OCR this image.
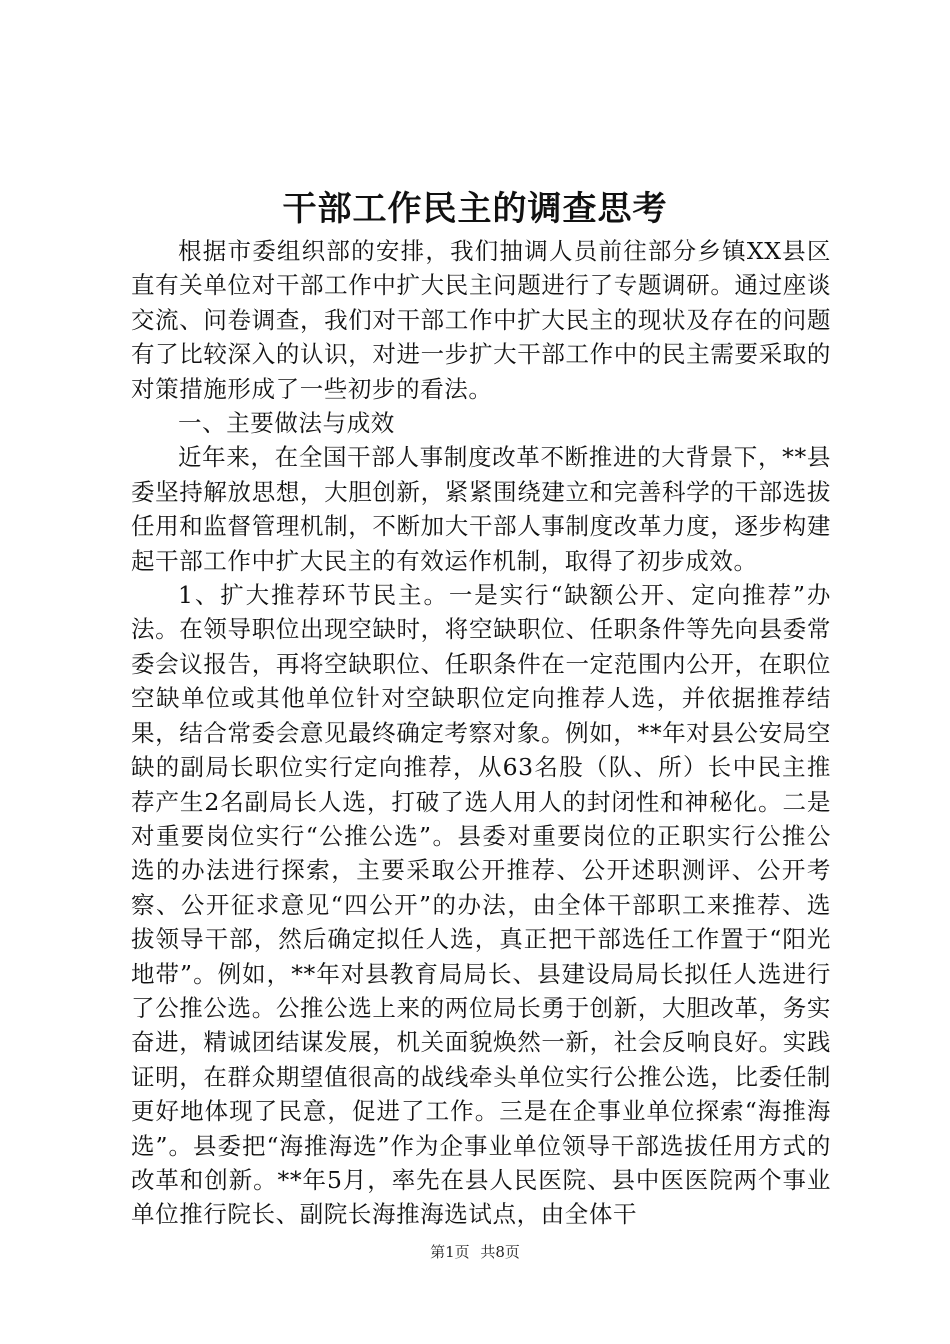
干部工作民主的调查思考

根据市委组织部的安排，我们抽调人员前往部分乡镇XX县区直有关单位对干部工作中扩大民主问题进行了专题调研。通过座谈交流、问卷调查，我们对干部工作中扩大民主的现状及存在的问题有了比较深入的认识，对进一步扩大干部工作中的民主需要采取的对策措施形成了一些初步的看法。

一、主要做法与成效

近年来，在全国干部人事制度改革不断推进的大背景下，**县委坚持解放思想，大胆创新，紧紧围绕建立和完善科学的干部选拔任用和监督管理机制，不断加大干部人事制度改革力度，逐步构建起干部工作中扩大民主的有效运作机制，取得了初步成效。

1、扩大推荐环节民主。一是实行“缺额公开、定向推荐”办法。在领导职位出现空缺时，将空缺职位、任职条件等先向县委常委会议报告，再将空缺职位、任职条件在一定范围内公开，在职位空缺单位或其他单位针对空缺职位定向推荐人选，并依据推荐结果，结合常委会意见最终确定考察对象。例如，**年对县公安局空缺的副局长职位实行定向推荐，从63名股（队、所）长中民主推荐产生2名副局长人选，打破了选人用人的封闭性和神秘化。二是对重要岗位实行“公推公选”。县委对重要岗位的正职实行公推公选的办法进行探索，主要采取公开推荐、公开述职测评、公开考察、公开征求意见“四公开”的办法，由全体干部职工来推荐、选拔领导干部，然后确定拟任人选，真正把干部选任工作置于“阳光地带”。例如，**年对县教育局局长、县建设局局长拟任人选进行了公推公选。公推公选上来的两位局长勇于创新，大胆改革，务实奋进，精诚团结谋发展，机关面貌焕然一新，社会反响良好。实践证明，在群众期望值很高的战线牵头单位实行公推公选，比委任制更好地体现了民意，促进了工作。三是在企事业单位探索“海推海选”。县委把“海推海选”作为企事业单位领导干部选拔任用方式的改革和创新。**年5月，率先在县人民医院、县中医医院两个事业单位推行院长、副院长海推海选试点，由全体干

第1页 共8页
